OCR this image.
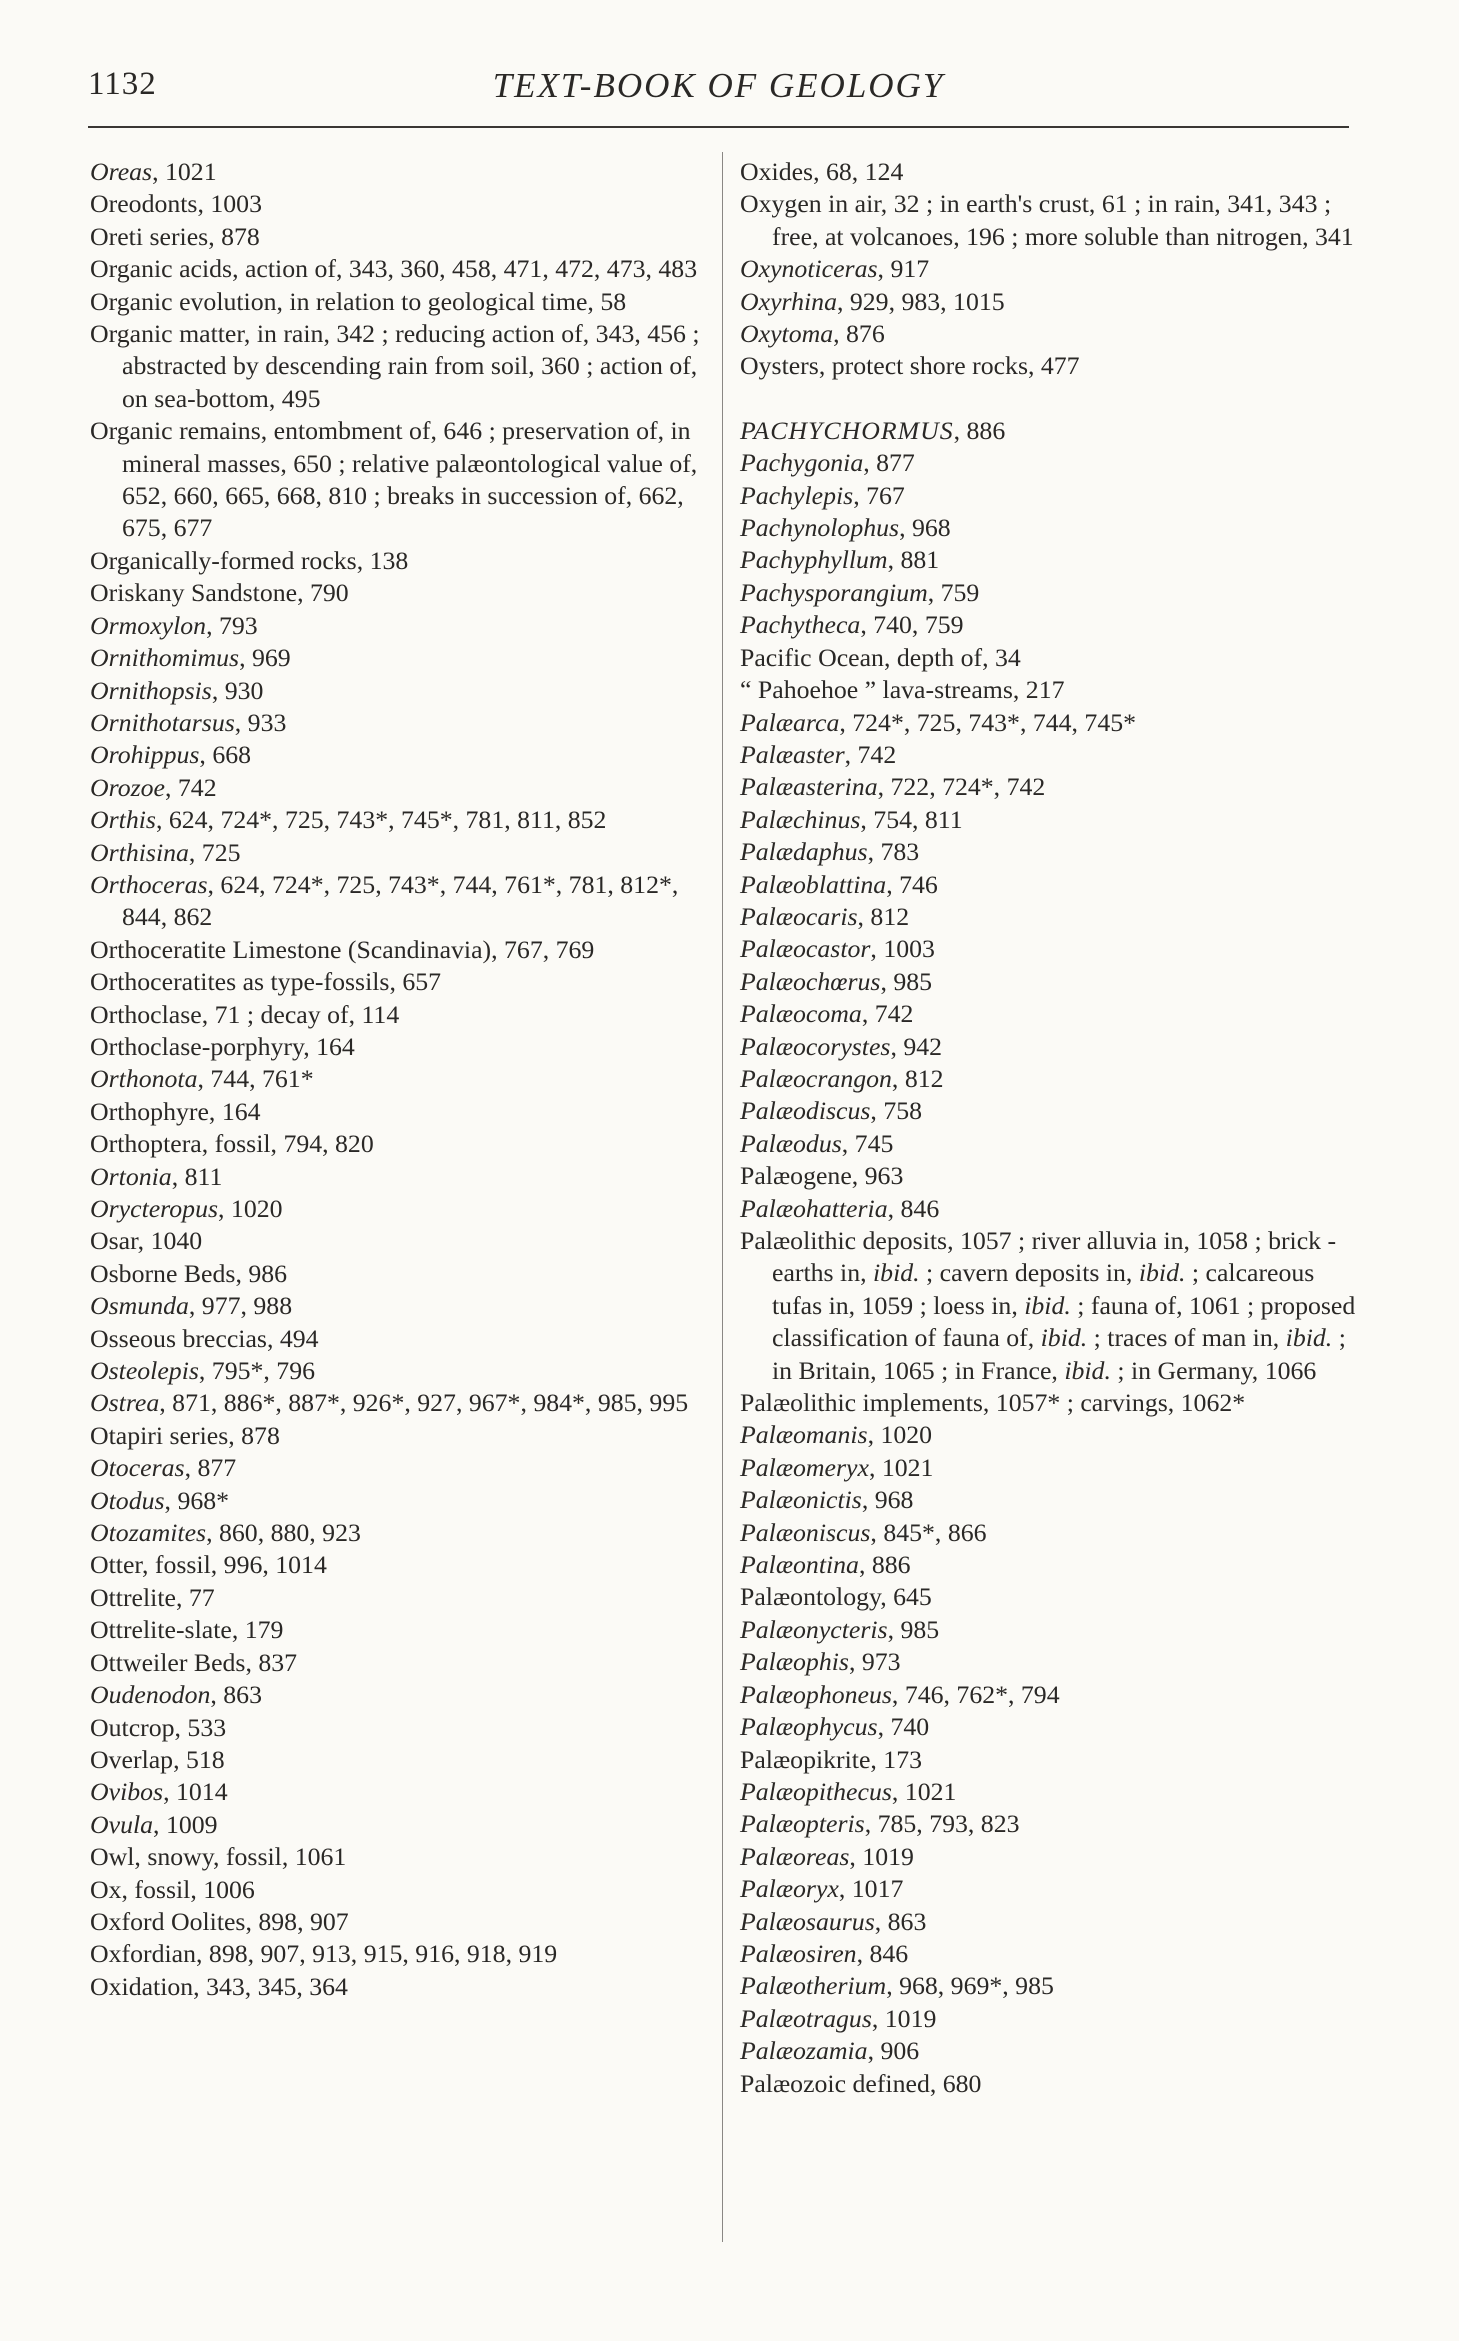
1132	TEXT-BOOK OF GEOLOGY
Oreas, 1021
Oreodonts, 1003
Oreti series, 878
Organic acids, action of, 343, 360, 458, 471, 472, 473, 483
Organic evolution, in relation to geological time, 58
Organic matter, in rain, 342 ; reducing action of, 343, 456 ; abstracted by descending rain from soil, 360 ; action of, on sea-bottom, 495
Organic remains, entombment of, 646 ; preservation of, in mineral masses, 650 ; relative palæontological value of, 652, 660, 665, 668, 810 ; breaks in succession of, 662, 675, 677
Organically-formed rocks, 138
Oriskany Sandstone, 790
Ormoxylon, 793
Ornithomimus, 969
Ornithopsis, 930
Ornithotarsus, 933
Orohippus, 668
Orozoe, 742
Orthis, 624, 724*, 725, 743*, 745*, 781, 811, 852
Orthisina, 725
Orthoceras, 624, 724*, 725, 743*, 744, 761*, 781, 812*, 844, 862
Orthoceratite Limestone (Scandinavia), 767, 769
Orthoceratites as type-fossils, 657
Orthoclase, 71 ; decay of, 114
Orthoclase-porphyry, 164
Orthonota, 744, 761*
Orthophyre, 164
Orthoptera, fossil, 794, 820
Ortonia, 811
Orycteropus, 1020
Osar, 1040
Osborne Beds, 986
Osmunda, 977, 988
Osseous breccias, 494
Osteolepis, 795*, 796
Ostrea, 871, 886*, 887*, 926*, 927, 967*, 984*, 985, 995
Otapiri series, 878
Otoceras, 877
Otodus, 968*
Otozamites, 860, 880, 923
Otter, fossil, 996, 1014
Ottrelite, 77
Ottrelite-slate, 179
Ottweiler Beds, 837
Oudenodon, 863
Outcrop, 533
Overlap, 518
Ovibos, 1014
Ovula, 1009
Owl, snowy, fossil, 1061
Ox, fossil, 1006
Oxford Oolites, 898, 907
Oxfordian, 898, 907, 913, 915, 916, 918, 919
Oxidation, 343, 345, 364
Oxides, 68, 124
Oxygen in air, 32 ; in earth's crust, 61 ; in rain, 341, 343 ; free, at volcanoes, 196 ; more soluble than nitrogen, 341
Oxynoticeras, 917
Oxyrhina, 929, 983, 1015
Oxytoma, 876
Oysters, protect shore rocks, 477
PACHYCHORMUS, 886
Pachygonia, 877
Pachylepis, 767
Pachynolophus, 968
Pachyphyllum, 881
Pachysporangium, 759
Pachytheca, 740, 759
Pacific Ocean, depth of, 34
“ Pahoehoe ” lava-streams, 217
Palæarca, 724*, 725, 743*, 744, 745*
Palæaster, 742
Palæasterina, 722, 724*, 742
Palæchinus, 754, 811
Palædaphus, 783
Palæoblattina, 746
Palæocaris, 812
Palæocastor, 1003
Palæochœrus, 985
Palæocoma, 742
Palæocorystes, 942
Palæocrangon, 812
Palæodiscus, 758
Palæodus, 745
Palæogene, 963
Palæohatteria, 846
Palæolithic deposits, 1057 ; river alluvia in, 1058 ; brick - earths in, ibid. ; cavern deposits in, ibid. ; calcareous tufas in, 1059 ; loess in, ibid. ; fauna of, 1061 ; proposed classification of fauna of, ibid. ; traces of man in, ibid. ; in Britain, 1065 ; in France, ibid. ; in Germany, 1066
Palæolithic implements, 1057* ; carvings, 1062*
Palæomanis, 1020
Palæomeryx, 1021
Palæonictis, 968
Palæoniscus, 845*, 866
Palæontina, 886
Palæontology, 645
Palæonycteris, 985
Palæophis, 973
Palæophoneus, 746, 762*, 794
Palæophycus, 740
Palæopikrite, 173
Palæopithecus, 1021
Palæopteris, 785, 793, 823
Palæoreas, 1019
Palæoryx, 1017
Palæosaurus, 863
Palæosiren, 846
Palæotherium, 968, 969*, 985
Palæotragus, 1019
Palæozamia, 906
Palæozoic defined, 680
